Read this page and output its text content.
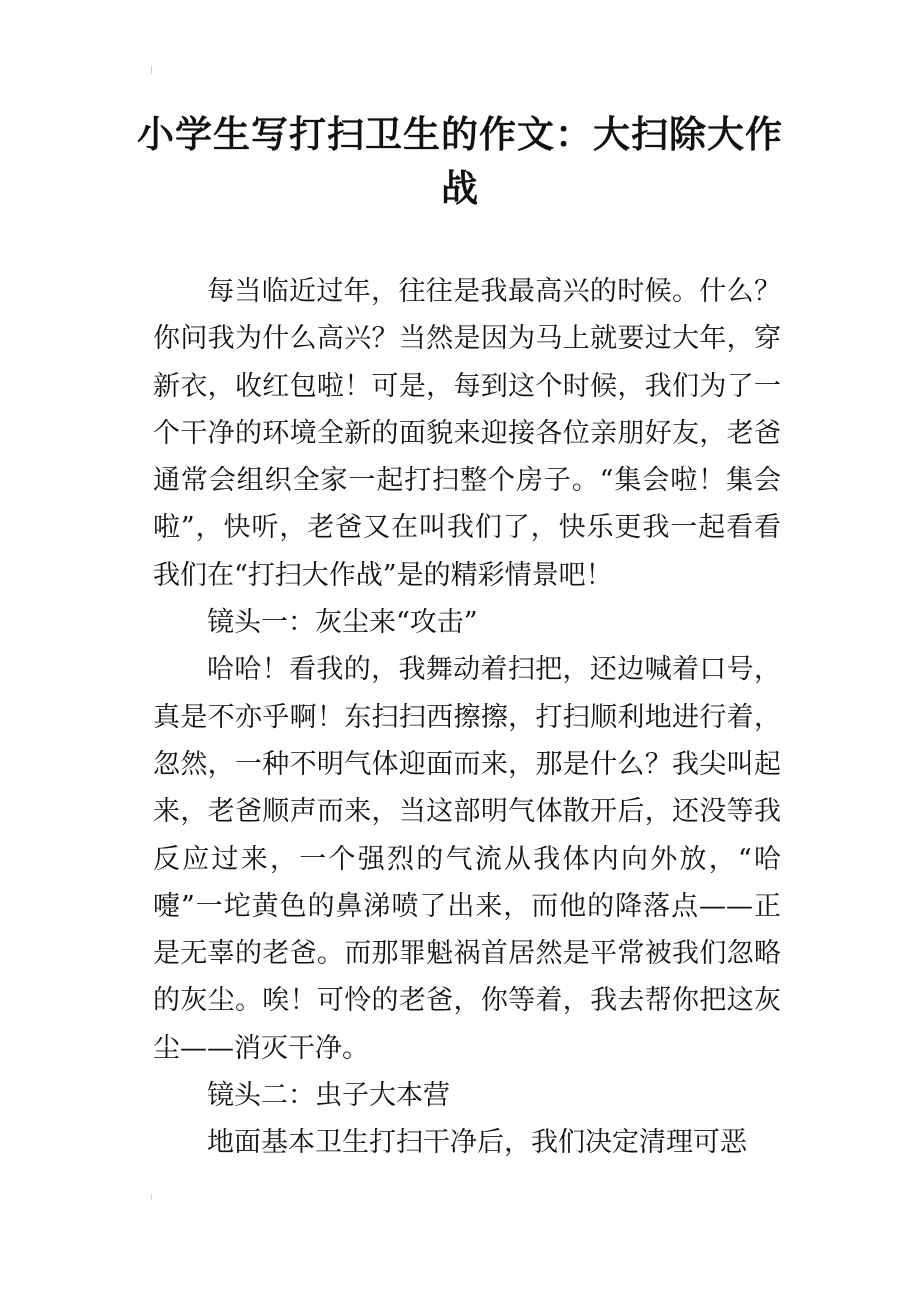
小学生写打扫卫生的作文：大扫除大作战

每当临近过年，往往是我最高兴的时候。什么？你问我为什么高兴？当然是因为马上就要过大年，穿新衣，收红包啦！可是，每到这个时候，我们为了一个干净的环境全新的面貌来迎接各位亲朋好友，老爸通常会组织全家一起打扫整个房子。“集会啦！集会啦”，快听，老爸又在叫我们了，快乐更我一起看看我们在“打扫大作战”是的精彩情景吧！

镜头一：灰尘来“攻击”

哈哈！看我的，我舞动着扫把，还边喊着口号，真是不亦乎啊！东扫扫西擦擦，打扫顺利地进行着，忽然，一种不明气体迎面而来，那是什么？我尖叫起来，老爸顺声而来，当这部明气体散开后，还没等我反应过来，一个强烈的气流从我体内向外放，“哈嚏”一坨黄色的鼻涕喷了出来，而他的降落点——正是无辜的老爸。而那罪魁祸首居然是平常被我们忽略的灰尘。唉！可怜的老爸，你等着，我去帮你把这灰尘——消灭干净。

镜头二：虫子大本营

地面基本卫生打扫干净后，我们决定清理可恶
